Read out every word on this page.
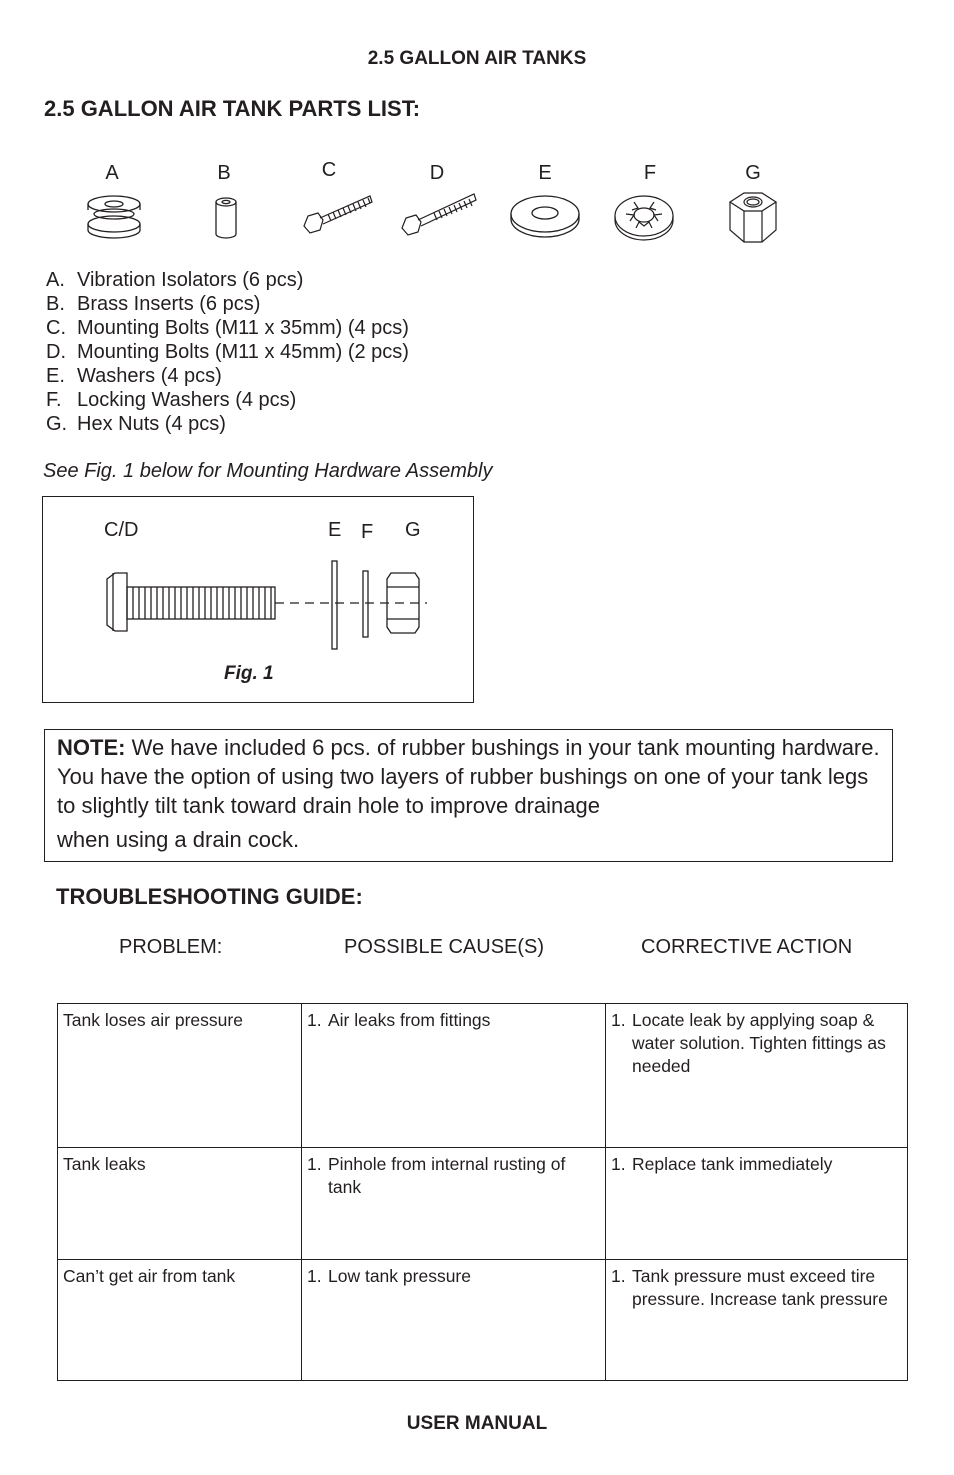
2.5 GALLON AIR TANKS
2.5 GALLON AIR TANK PARTS LIST:
A	B	C	D	E	F	G
A. Vibration Isolators (6 pcs)
B. Brass Inserts (6 pcs)
C. Mounting Bolts (M11 x 35mm) (4 pcs)
D. Mounting Bolts (M11 x 45mm) (2 pcs)
E. Washers (4 pcs)
F. Locking Washers (4 pcs)
G. Hex Nuts (4 pcs)
See Fig. 1 below for Mounting Hardware Assembly
C/D	E F G
Fig. 1
NOTE: We have included 6 pcs. of rubber bushings in your tank mounting hardware. You have the option of using two layers of rubber bushings on one of your tank legs to slightly tilt tank toward drain hole to improve drainage
when using a drain cock.
TROUBLESHOOTING GUIDE:
PROBLEM:	POSSIBLE CAUSE(S)	CORRECTIVE ACTION
Tank loses air pressure	1. Air leaks from fittings	1. Locate leak by applying soap & water solution. Tighten fittings as needed

Tank leaks	1. Pinhole from internal rusting of tank	1. Replace tank immediately

Can’t get air from tank	1. Low tank pressure	1. Tank pressure must exceed tire pressure. Increase tank pressure
USER MANUAL
